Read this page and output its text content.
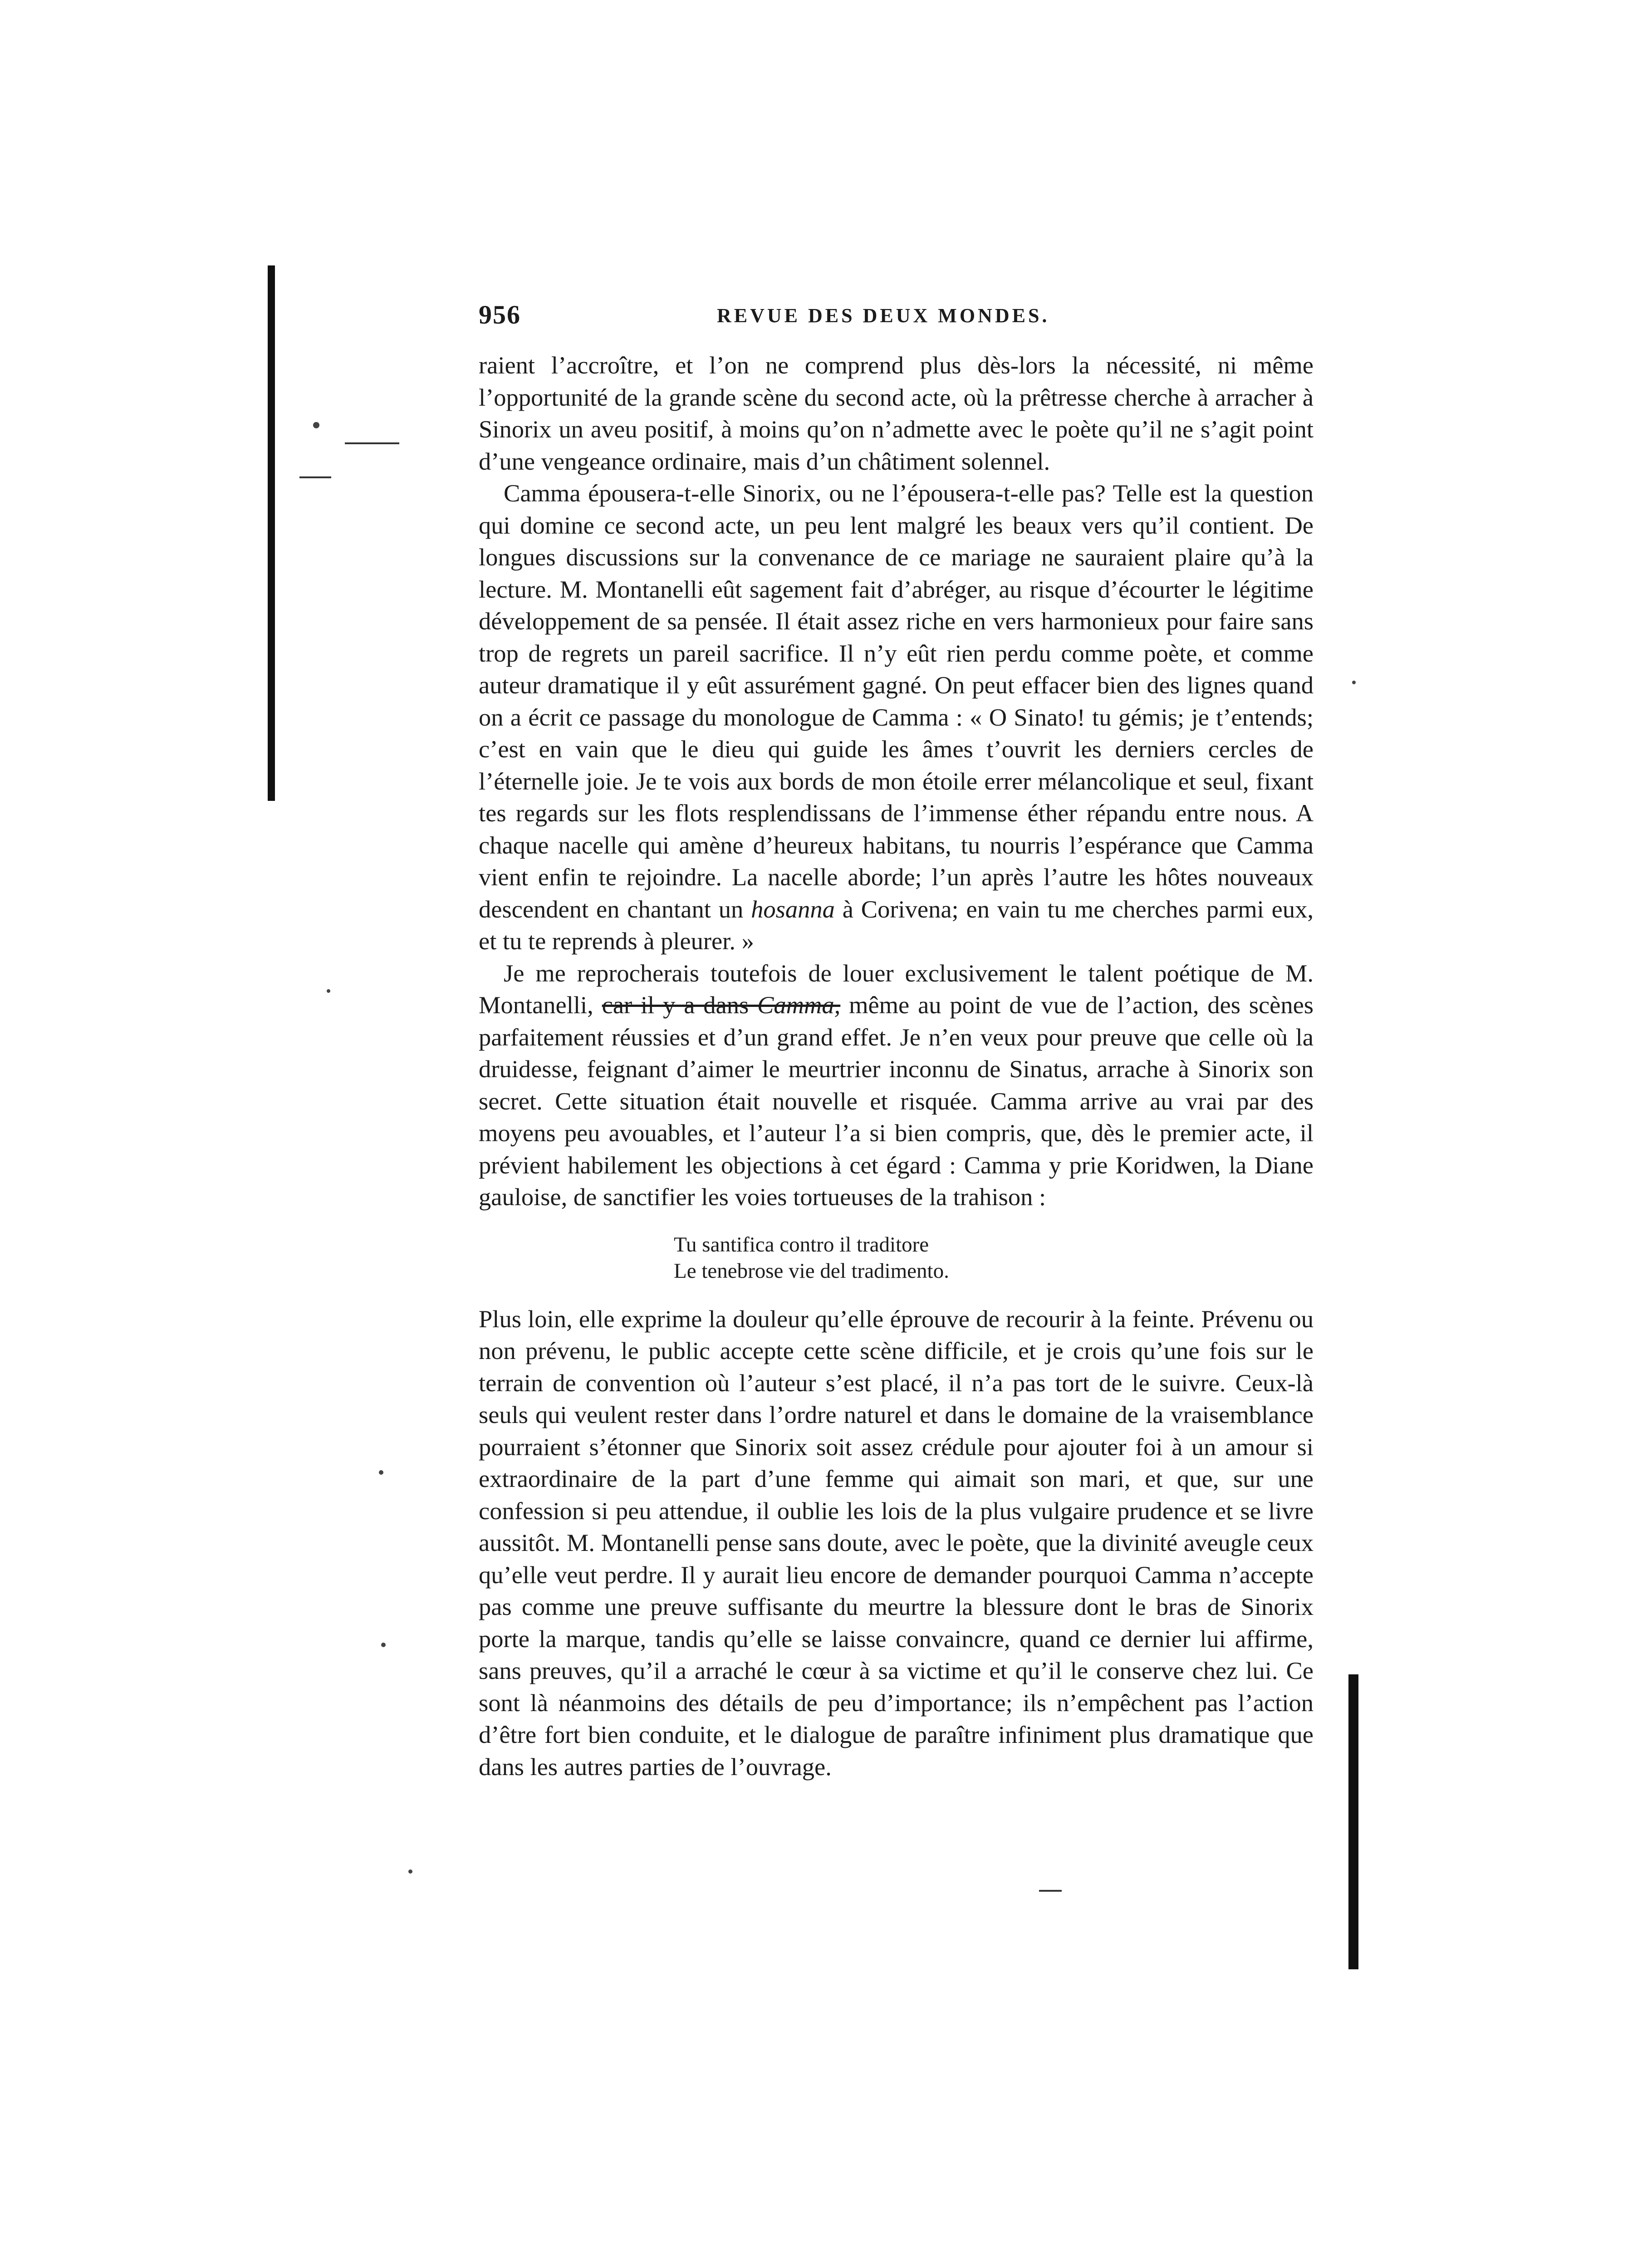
956	REVUE DES DEUX MONDES.

raient l’accroître, et l’on ne comprend plus dès-lors la nécessité, ni même l’opportunité de la grande scène du second acte, où la prêtresse cherche à arracher à Sinorix un aveu positif, à moins qu’on n’admette avec le poète qu’il ne s’agit point d’une vengeance ordinaire, mais d’un châtiment solennel.

Camma épousera-t-elle Sinorix, ou ne l’épousera-t-elle pas? Telle est la question qui domine ce second acte, un peu lent malgré les beaux vers qu’il contient. De longues discussions sur la convenance de ce mariage ne sauraient plaire qu’à la lecture. M. Montanelli eût sagement fait d’abréger, au risque d’écourter le légitime développement de sa pensée. Il était assez riche en vers harmonieux pour faire sans trop de regrets un pareil sacrifice. Il n’y eût rien perdu comme poète, et comme auteur dramatique il y eût assurément gagné. On peut effacer bien des lignes quand on a écrit ce passage du monologue de Camma : « O Sinato! tu gémis; je t’entends; c’est en vain que le dieu qui guide les âmes t’ouvrit les derniers cercles de l’éternelle joie. Je te vois aux bords de mon étoile errer mélancolique et seul, fixant tes regards sur les flots resplendissans de l’immense éther répandu entre nous. A chaque nacelle qui amène d’heureux habitans, tu nourris l’espérance que Camma vient enfin te rejoindre. La nacelle aborde; l’un après l’autre les hôtes nouveaux descendent en chantant un hosanna à Corivena; en vain tu me cherches parmi eux, et tu te reprends à pleurer. »

Je me reprocherais toutefois de louer exclusivement le talent poétique de M. Montanelli, car il y a dans Camma, même au point de vue de l’action, des scènes parfaitement réussies et d’un grand effet. Je n’en veux pour preuve que celle où la druidesse, feignant d’aimer le meurtrier inconnu de Sinatus, arrache à Sinorix son secret. Cette situation était nouvelle et risquée. Camma arrive au vrai par des moyens peu avouables, et l’auteur l’a si bien compris, que, dès le premier acte, il prévient habilement les objections à cet égard : Camma y prie Koridwen, la Diane gauloise, de sanctifier les voies tortueuses de la trahison :

Tu santifica contro il traditore
Le tenebrose vie del tradimento.

Plus loin, elle exprime la douleur qu’elle éprouve de recourir à la feinte. Prévenu ou non prévenu, le public accepte cette scène difficile, et je crois qu’une fois sur le terrain de convention où l’auteur s’est placé, il n’a pas tort de le suivre. Ceux-là seuls qui veulent rester dans l’ordre naturel et dans le domaine de la vraisemblance pourraient s’étonner que Sinorix soit assez crédule pour ajouter foi à un amour si extraordinaire de la part d’une femme qui aimait son mari, et que, sur une confession si peu attendue, il oublie les lois de la plus vulgaire prudence et se livre aussitôt. M. Montanelli pense sans doute, avec le poète, que la divinité aveugle ceux qu’elle veut perdre. Il y aurait lieu encore de demander pourquoi Camma n’accepte pas comme une preuve suffisante du meurtre la blessure dont le bras de Sinorix porte la marque, tandis qu’elle se laisse convaincre, quand ce dernier lui affirme, sans preuves, qu’il a arraché le cœur à sa victime et qu’il le conserve chez lui. Ce sont là néanmoins des détails de peu d’importance; ils n’empêchent pas l’action d’être fort bien conduite, et le dialogue de paraître infiniment plus dramatique que dans les autres parties de l’ouvrage.
